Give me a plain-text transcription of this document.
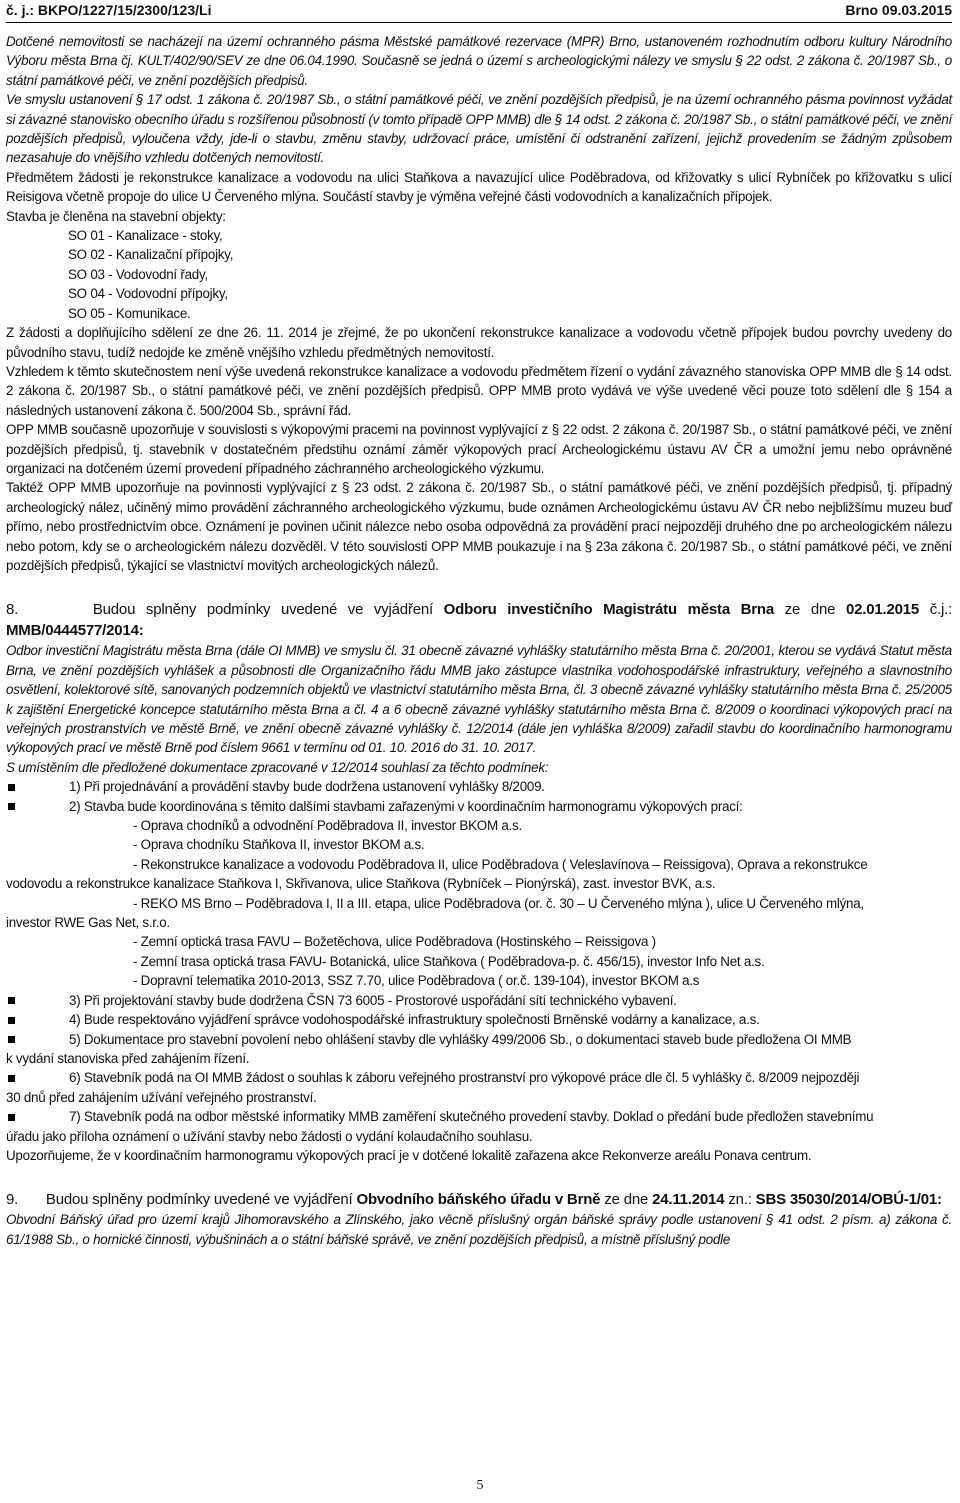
č. j.: BKPO/1227/15/2300/123/Li	Brno 09.03.2015

Dotčené nemovitosti se nacházejí na území ochranného pásma Městské památkové rezervace (MPR) Brno, ustanoveném rozhodnutím odboru kultury Národního Výboru města Brna čj. KULT/402/90/SEV ze dne 06.04.1990. Současně se jedná o území s archeologickými nálezy ve smyslu § 22 odst. 2 zákona č. 20/1987 Sb., o státní památkové péči, ve znění pozdějších předpisů.

Ve smyslu ustanovení § 17 odst. 1 zákona č. 20/1987 Sb., o státní památkové péči, ve znění pozdějších předpisů, je na území ochranného pásma povinnost vyžádat si závazné stanovisko obecního úřadu s rozšířenou působností (v tomto případě OPP MMB) dle § 14 odst. 2 zákona č. 20/1987 Sb., o státní památkové péči, ve znění pozdějších předpisů, vyloučena vždy, jde-li o stavbu, změnu stavby, udržovací práce, umístění či odstranění zařízení, jejichž provedením se žádným způsobem nezasahuje do vnějšího vzhledu dotčených nemovitostí.

Předmětem žádosti je rekonstrukce kanalizace a vodovodu na ulici Staňkova a navazující ulice Poděbradova, od křižovatky s ulicí Rybníček po křižovatku s ulicí Reisigova včetně propoje do ulice U Červeného mlýna. Součástí stavby je výměna veřejné části vodovodních a kanalizačních přípojek.

Stavba je členěna na stavební objekty:

SO 01 - Kanalizace - stoky,

SO 02 - Kanalizační přípojky,

SO 03 - Vodovodní řady,

SO 04 - Vodovodní přípojky,

SO 05 - Komunikace.

Z žádosti a doplňujícího sdělení ze dne 26. 11. 2014 je zřejmé, že po ukončení rekonstrukce kanalizace a vodovodu včetně přípojek budou povrchy uvedeny do původního stavu, tudíž nedojde ke změně vnějšího vzhledu předmětných nemovitostí.

Vzhledem k těmto skutečnostem není výše uvedená rekonstrukce kanalizace a vodovodu předmětem řízení o vydání závazného stanoviska OPP MMB dle § 14 odst. 2 zákona č. 20/1987 Sb., o státní památkové péči, ve znění pozdějších předpisů. OPP MMB proto vydává ve výše uvedené věci pouze toto sdělení dle § 154 a následných ustanovení zákona č. 500/2004 Sb., správní řád.

OPP MMB současně upozorňuje v souvislosti s výkopovými pracemi na povinnost vyplývající z § 22 odst. 2 zákona č. 20/1987 Sb., o státní památkové péči, ve znění pozdějších předpisů, tj. stavebník v dostatečném předstihu oznámí záměr výkopových prací Archeologickému ústavu AV ČR a umožní jemu nebo oprávněné organizaci na dotčeném území provedení případného záchranného archeologického výzkumu.

Taktéž OPP MMB upozorňuje na povinnosti vyplývající z § 23 odst. 2 zákona č. 20/1987 Sb., o státní památkové péči, ve znění pozdějších předpisů, tj. případný archeologický nález, učiněný mimo provádění záchranného archeologického výzkumu, bude oznámen Archeologickému ústavu AV ČR nebo nejbližšímu muzeu buď přímo, nebo prostřednictvím obce. Oznámení je povinen učinit nálezce nebo osoba odpovědná za provádění prací nejpozději druhého dne po archeologickém nálezu nebo potom, kdy se o archeologickém nálezu dozvěděl. V této souvislosti OPP MMB poukazuje i na § 23a zákona č. 20/1987 Sb., o státní památkové péči, ve znění pozdějších předpisů, týkající se vlastnictví movitých archeologických nálezů.

8.	Budou splněny podmínky uvedené ve vyjádření Odboru investičního Magistrátu města Brna ze dne 02.01.2015 č.j.: MMB/0444577/2014:

Odbor investiční Magistrátu města Brna (dále OI MMB) ve smyslu čl. 31 obecně závazné vyhlášky statutárního města Brna č. 20/2001, kterou se vydává Statut města Brna, ve znění pozdějších vyhlášek a působnosti dle Organizačního řádu MMB jako zástupce vlastníka vodohospodářské infrastruktury, veřejného a slavnostního osvětlení, kolektorové sítě, sanovaných podzemních objektů ve vlastnictví statutárního města Brna, čl. 3 obecně závazné vyhlášky statutárního města Brna č. 25/2005 k zajištění Energetické koncepce statutárního města Brna a čl. 4 a 6 obecně závazné vyhlášky statutárního města Brna č. 8/2009 o koordinaci výkopových prací na veřejných prostranstvích ve městě Brně, ve znění obecně závazné vyhlášky č. 12/2014 (dále jen vyhláška 8/2009) zařadil stavbu do koordinačního harmonogramu výkopových prací ve městě Brně pod číslem 9661 v termínu od 01. 10. 2016 do 31. 10. 2017.

S umístěním dle předložené dokumentace zpracované v 12/2014 souhlasí za těchto podmínek:

1) Při projednávání a provádění stavby bude dodržena ustanovení vyhlášky 8/2009.

2) Stavba bude koordinována s těmito dalšími stavbami zařazenými v koordinačním harmonogramu výkopových prací:

- Oprava chodníků a odvodnění Poděbradova II, investor BKOM a.s.

- Oprava chodníku Staňkova II, investor BKOM a.s.

- Rekonstrukce kanalizace a vodovodu Poděbradova II, ulice Poděbradova ( Veleslavínova – Reissigova), Oprava a rekonstrukce

vodovodu a rekonstrukce kanalizace Staňkova I, Skřivanova, ulice Staňkova (Rybníček – Pionýrská), zast. investor BVK, a.s.

- REKO MS Brno – Poděbradova I, II a III. etapa, ulice Poděbradova (or. č. 30 – U Červeného mlýna ), ulice U Červeného mlýna,

investor RWE Gas Net, s.r.o.

- Zemní optická trasa FAVU – Božetěchova, ulice Poděbradova (Hostinského – Reissigova )

- Zemní trasa optická trasa FAVU- Botanická, ulice Staňkova ( Poděbradova-p. č. 456/15), investor Info Net a.s.

- Dopravní telematika 2010-2013, SSZ 7.70, ulice Poděbradova ( or.č. 139-104), investor BKOM a.s

3) Při projektování stavby bude dodržena ČSN 73 6005 - Prostorové uspořádání sítí technického vybavení.

4) Bude respektováno vyjádření správce vodohospodářské infrastruktury společnosti Brněnské vodárny a kanalizace, a.s.

5) Dokumentace pro stavební povolení nebo ohlášení stavby dle vyhlášky 499/2006 Sb., o dokumentaci staveb bude předložena OI MMB

k vydání stanoviska před zahájením řízení.

6) Stavebník podá na OI MMB žádost o souhlas k záboru veřejného prostranství pro výkopové práce dle čl. 5 vyhlášky č. 8/2009 nejpozději

30 dnů před zahájením užívání veřejného prostranství.

7) Stavebník podá na odbor městské informatiky MMB zaměření skutečného provedení stavby. Doklad o předání bude předložen stavebnímu

úřadu jako příloha oznámení o užívání stavby nebo žádosti o vydání kolaudačního souhlasu.

Upozorňujeme, že v koordinačním harmonogramu výkopových prací je v dotčené lokalitě zařazena akce Rekonverze areálu Ponava centrum.

9. Budou splněny podmínky uvedené ve vyjádření Obvodního báňského úřadu v Brně ze dne 24.11.2014 zn.: SBS 35030/2014/OBÚ-1/01:

Obvodní Báňský úřad pro území krajů Jihomoravského a Zlínského, jako věcně příslušný orgán báňské správy podle ustanovení § 41 odst. 2 písm. a) zákona č. 61/1988 Sb., o hornické činnosti, výbušninách a o státní báňské správě, ve znění pozdějších předpisů, a místně příslušný podle

5
